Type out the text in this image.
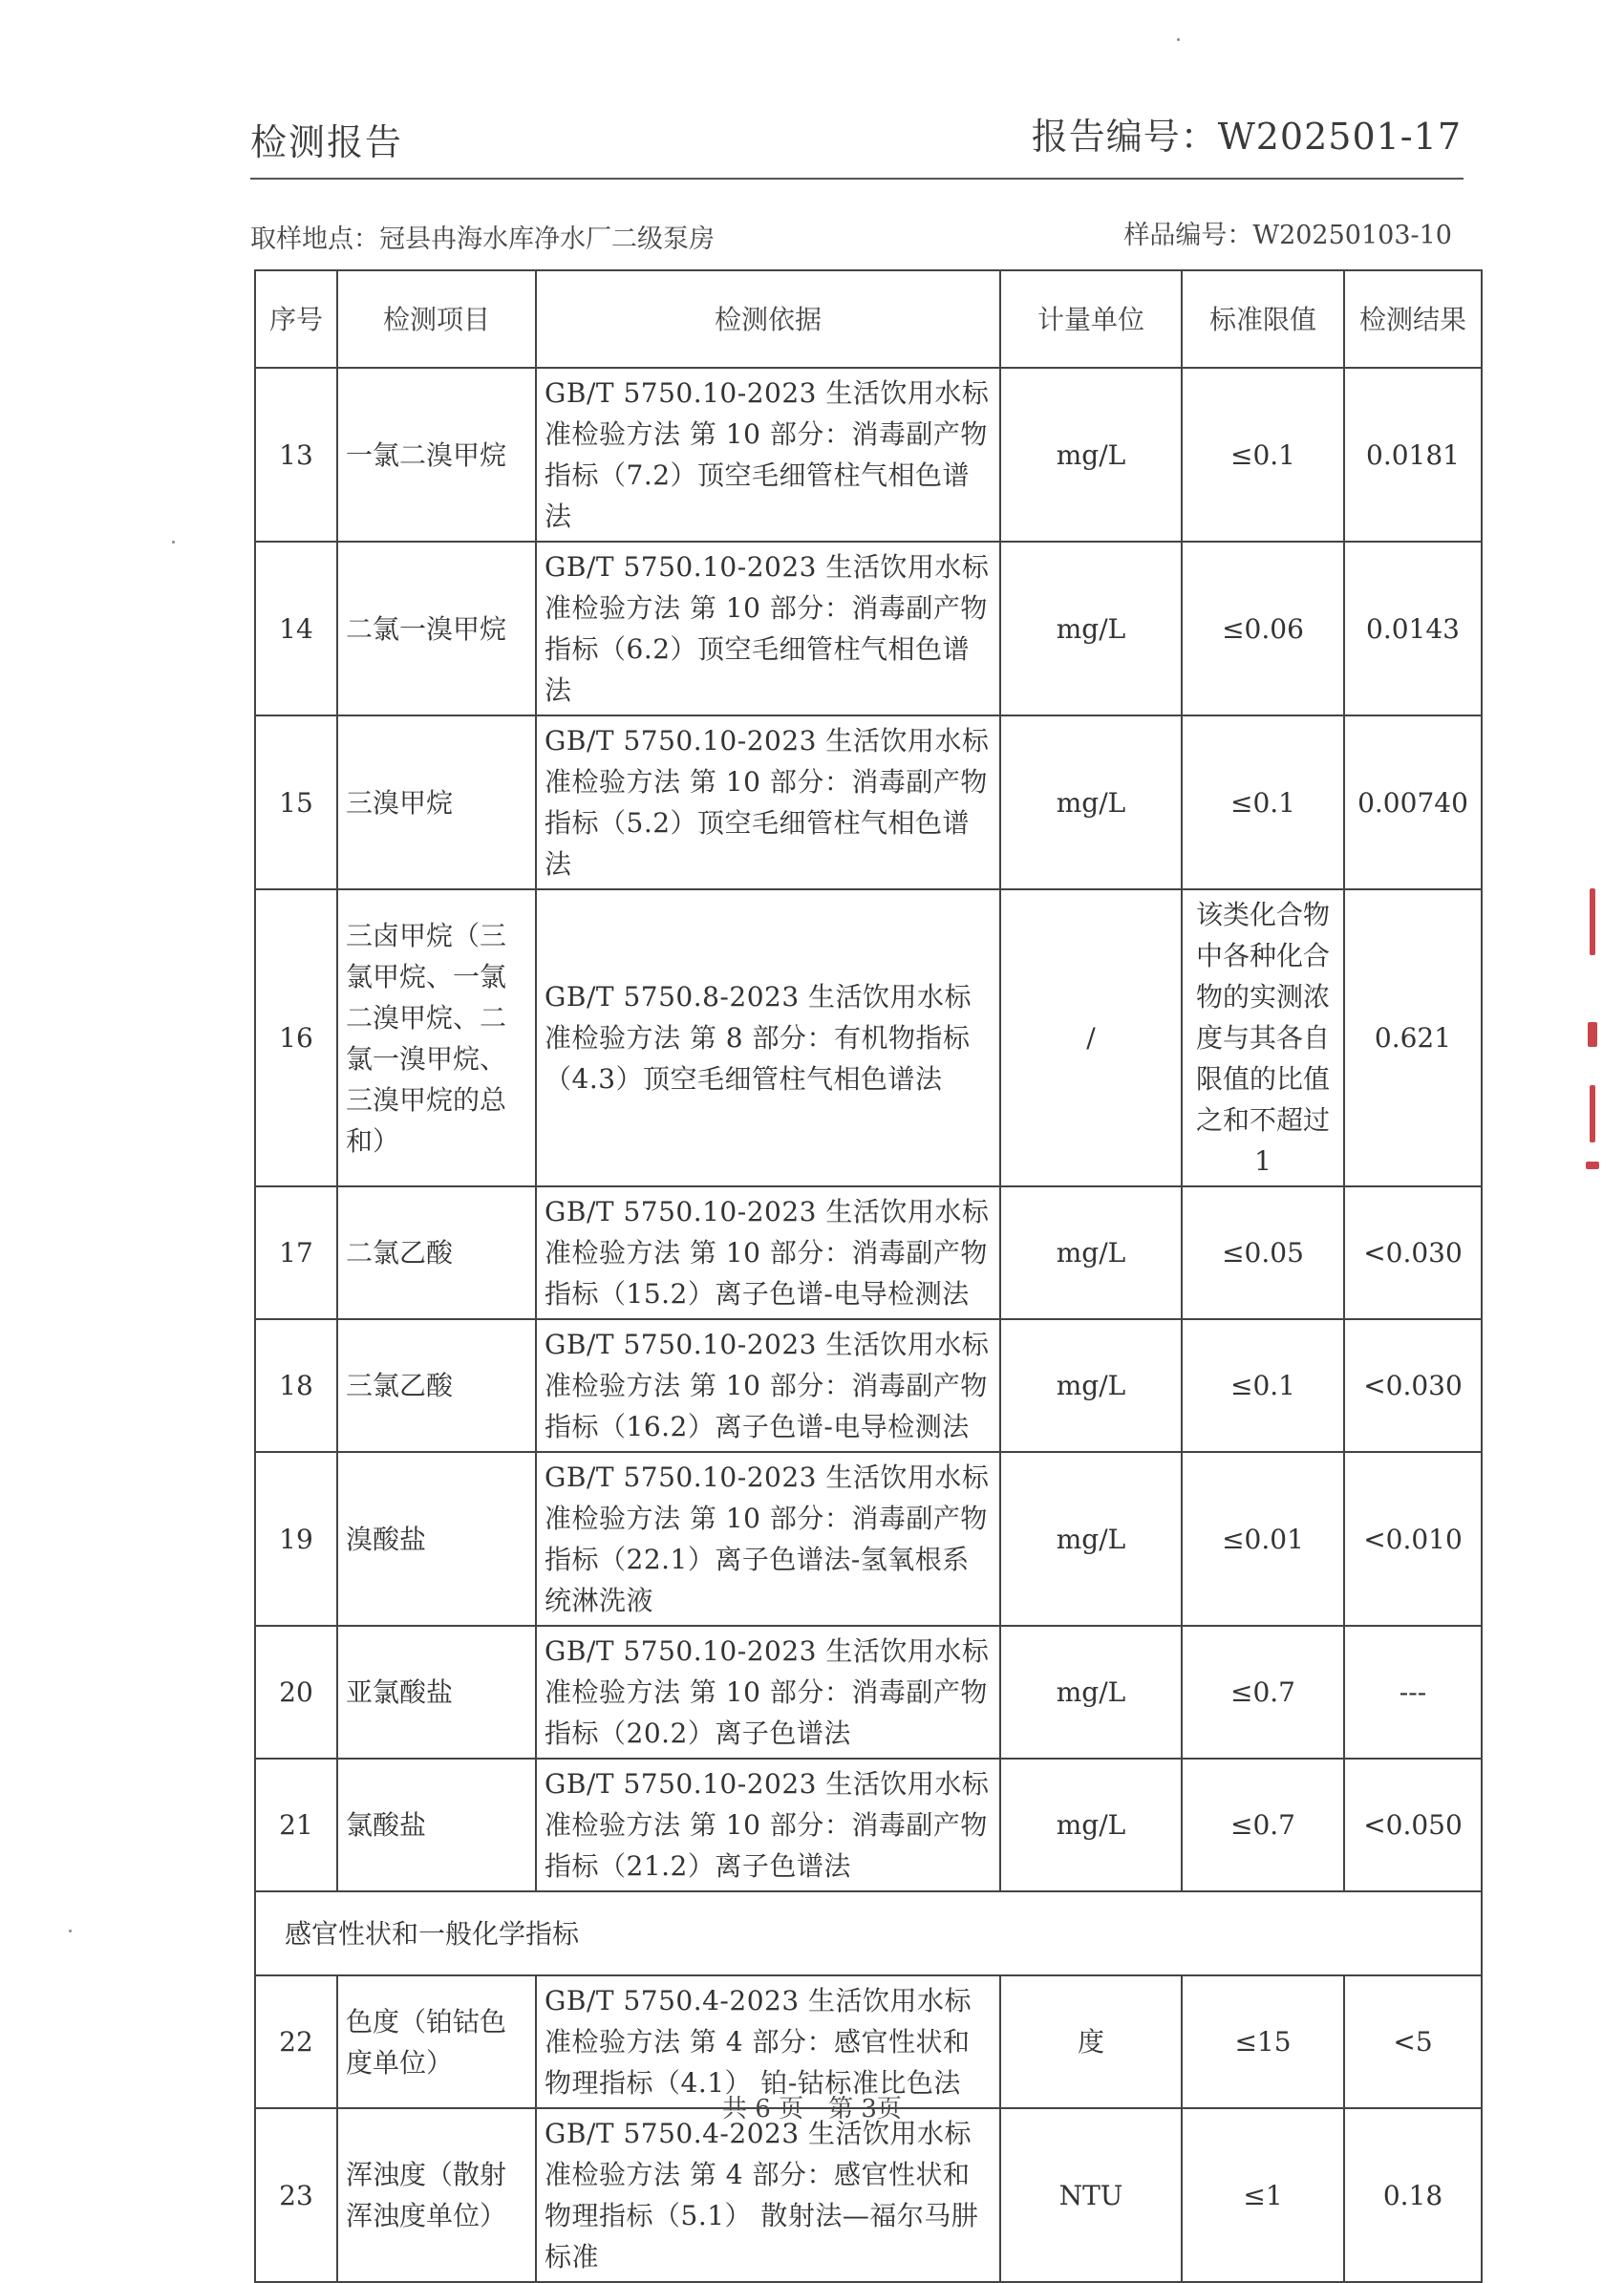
检测报告	报告编号：W202501-17
取样地点：冠县冉海水库净水厂二级泵房	样品编号：W20250103-10
序号	检测项目	检测依据	计量单位	标准限值	检测结果
13	一氯二溴甲烷	GB/T 5750.10-2023 生活饮用水标准检验方法 第 10 部分：消毒副产物指标（7.2）顶空毛细管柱气相色谱法	mg/L	≤0.1	0.0181
14	二氯一溴甲烷	GB/T 5750.10-2023 生活饮用水标准检验方法 第 10 部分：消毒副产物指标（6.2）顶空毛细管柱气相色谱法	mg/L	≤0.06	0.0143
15	三溴甲烷	GB/T 5750.10-2023 生活饮用水标准检验方法 第 10 部分：消毒副产物指标（5.2）顶空毛细管柱气相色谱法	mg/L	≤0.1	0.00740
16	三卤甲烷（三氯甲烷、一氯二溴甲烷、二氯一溴甲烷、三溴甲烷的总和）	GB/T 5750.8-2023 生活饮用水标准检验方法 第 8 部分：有机物指标（4.3）顶空毛细管柱气相色谱法	/	该类化合物中各种化合物的实测浓度与其各自限值的比值之和不超过1	0.621
17	二氯乙酸	GB/T 5750.10-2023 生活饮用水标准检验方法 第 10 部分：消毒副产物指标（15.2）离子色谱-电导检测法	mg/L	≤0.05	<0.030
18	三氯乙酸	GB/T 5750.10-2023 生活饮用水标准检验方法 第 10 部分：消毒副产物指标（16.2）离子色谱-电导检测法	mg/L	≤0.1	<0.030
19	溴酸盐	GB/T 5750.10-2023 生活饮用水标准检验方法 第 10 部分：消毒副产物指标（22.1）离子色谱法-氢氧根系统淋洗液	mg/L	≤0.01	<0.010
20	亚氯酸盐	GB/T 5750.10-2023 生活饮用水标准检验方法 第 10 部分：消毒副产物指标（20.2）离子色谱法	mg/L	≤0.7	---
21	氯酸盐	GB/T 5750.10-2023 生活饮用水标准检验方法 第 10 部分：消毒副产物指标（21.2）离子色谱法	mg/L	≤0.7	<0.050
感官性状和一般化学指标					
22	色度（铂钴色度单位）	GB/T 5750.4-2023 生活饮用水标准检验方法 第 4 部分：感官性状和物理指标（4.1） 铂-钴标准比色法	度	≤15	<5
23	浑浊度（散射浑浊度单位）	GB/T 5750.4-2023 生活饮用水标准检验方法 第 4 部分：感官性状和物理指标（5.1） 散射法—福尔马肼标准	NTU	≤1	0.18
共 6 页　第 3页
